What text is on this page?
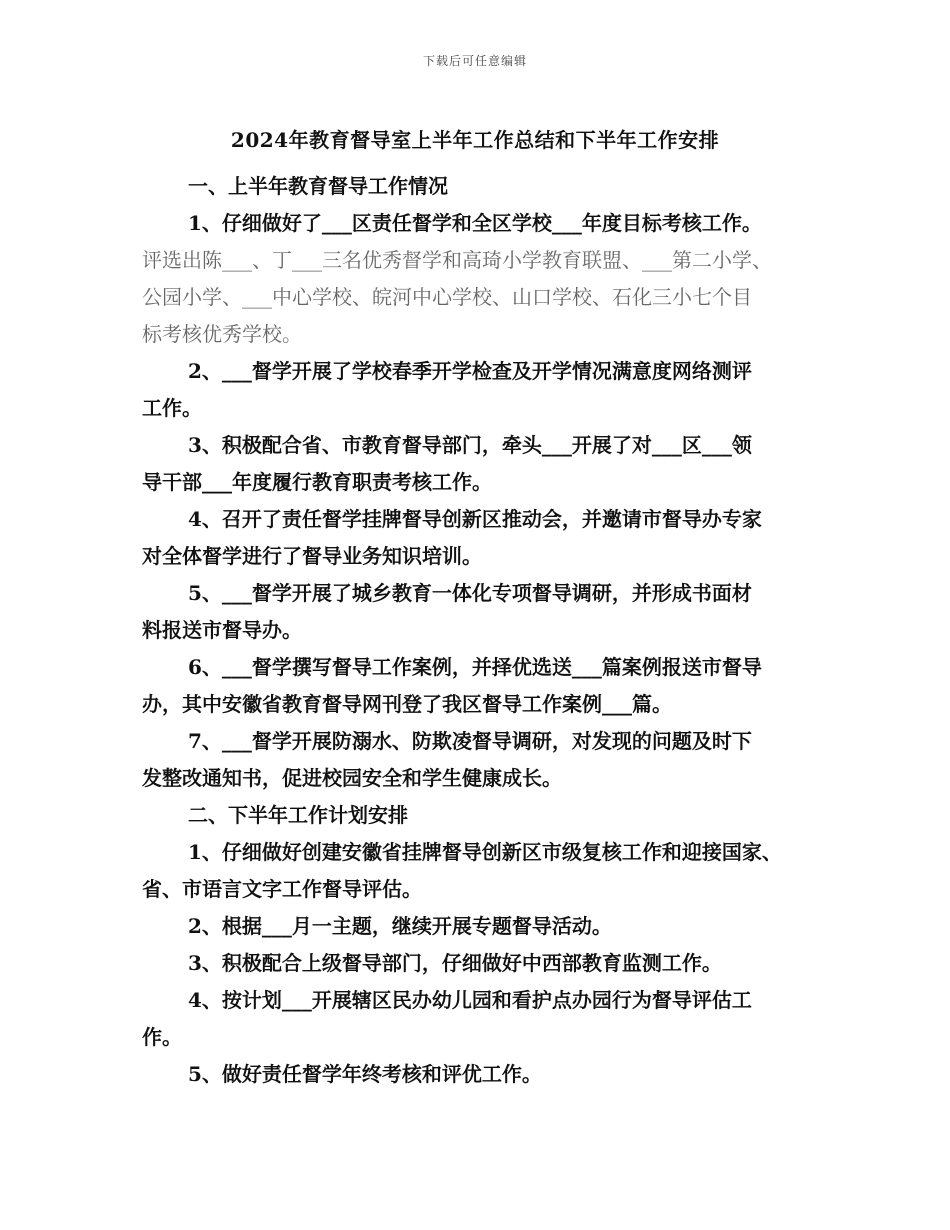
下载后可任意编辑
2024年教育督导室上半年工作总结和下半年工作安排
一、上半年教育督导工作情况
1、仔细做好了___区责任督学和全区学校___年度目标考核工作。
评选出陈___、丁___三名优秀督学和高琦小学教育联盟、___第二小学、
公园小学、___中心学校、皖河中心学校、山口学校、石化三小七个目
标考核优秀学校。
2、___督学开展了学校春季开学检查及开学情况满意度网络测评
工作。
3、积极配合省、市教育督导部门，牵头___开展了对___区___领
导干部___年度履行教育职责考核工作。
4、召开了责任督学挂牌督导创新区推动会，并邀请市督导办专家
对全体督学进行了督导业务知识培训。
5、___督学开展了城乡教育一体化专项督导调研，并形成书面材
料报送市督导办。
6、___督学撰写督导工作案例，并择优选送___篇案例报送市督导
办，其中安徽省教育督导网刊登了我区督导工作案例___篇。
7、___督学开展防溺水、防欺凌督导调研，对发现的问题及时下
发整改通知书，促进校园安全和学生健康成长。
二、下半年工作计划安排
1、仔细做好创建安徽省挂牌督导创新区市级复核工作和迎接国家、
省、市语言文字工作督导评估。
2、根据___月一主题，继续开展专题督导活动。
3、积极配合上级督导部门，仔细做好中西部教育监测工作。
4、按计划___开展辖区民办幼儿园和看护点办园行为督导评估工
作。
5、做好责任督学年终考核和评优工作。
